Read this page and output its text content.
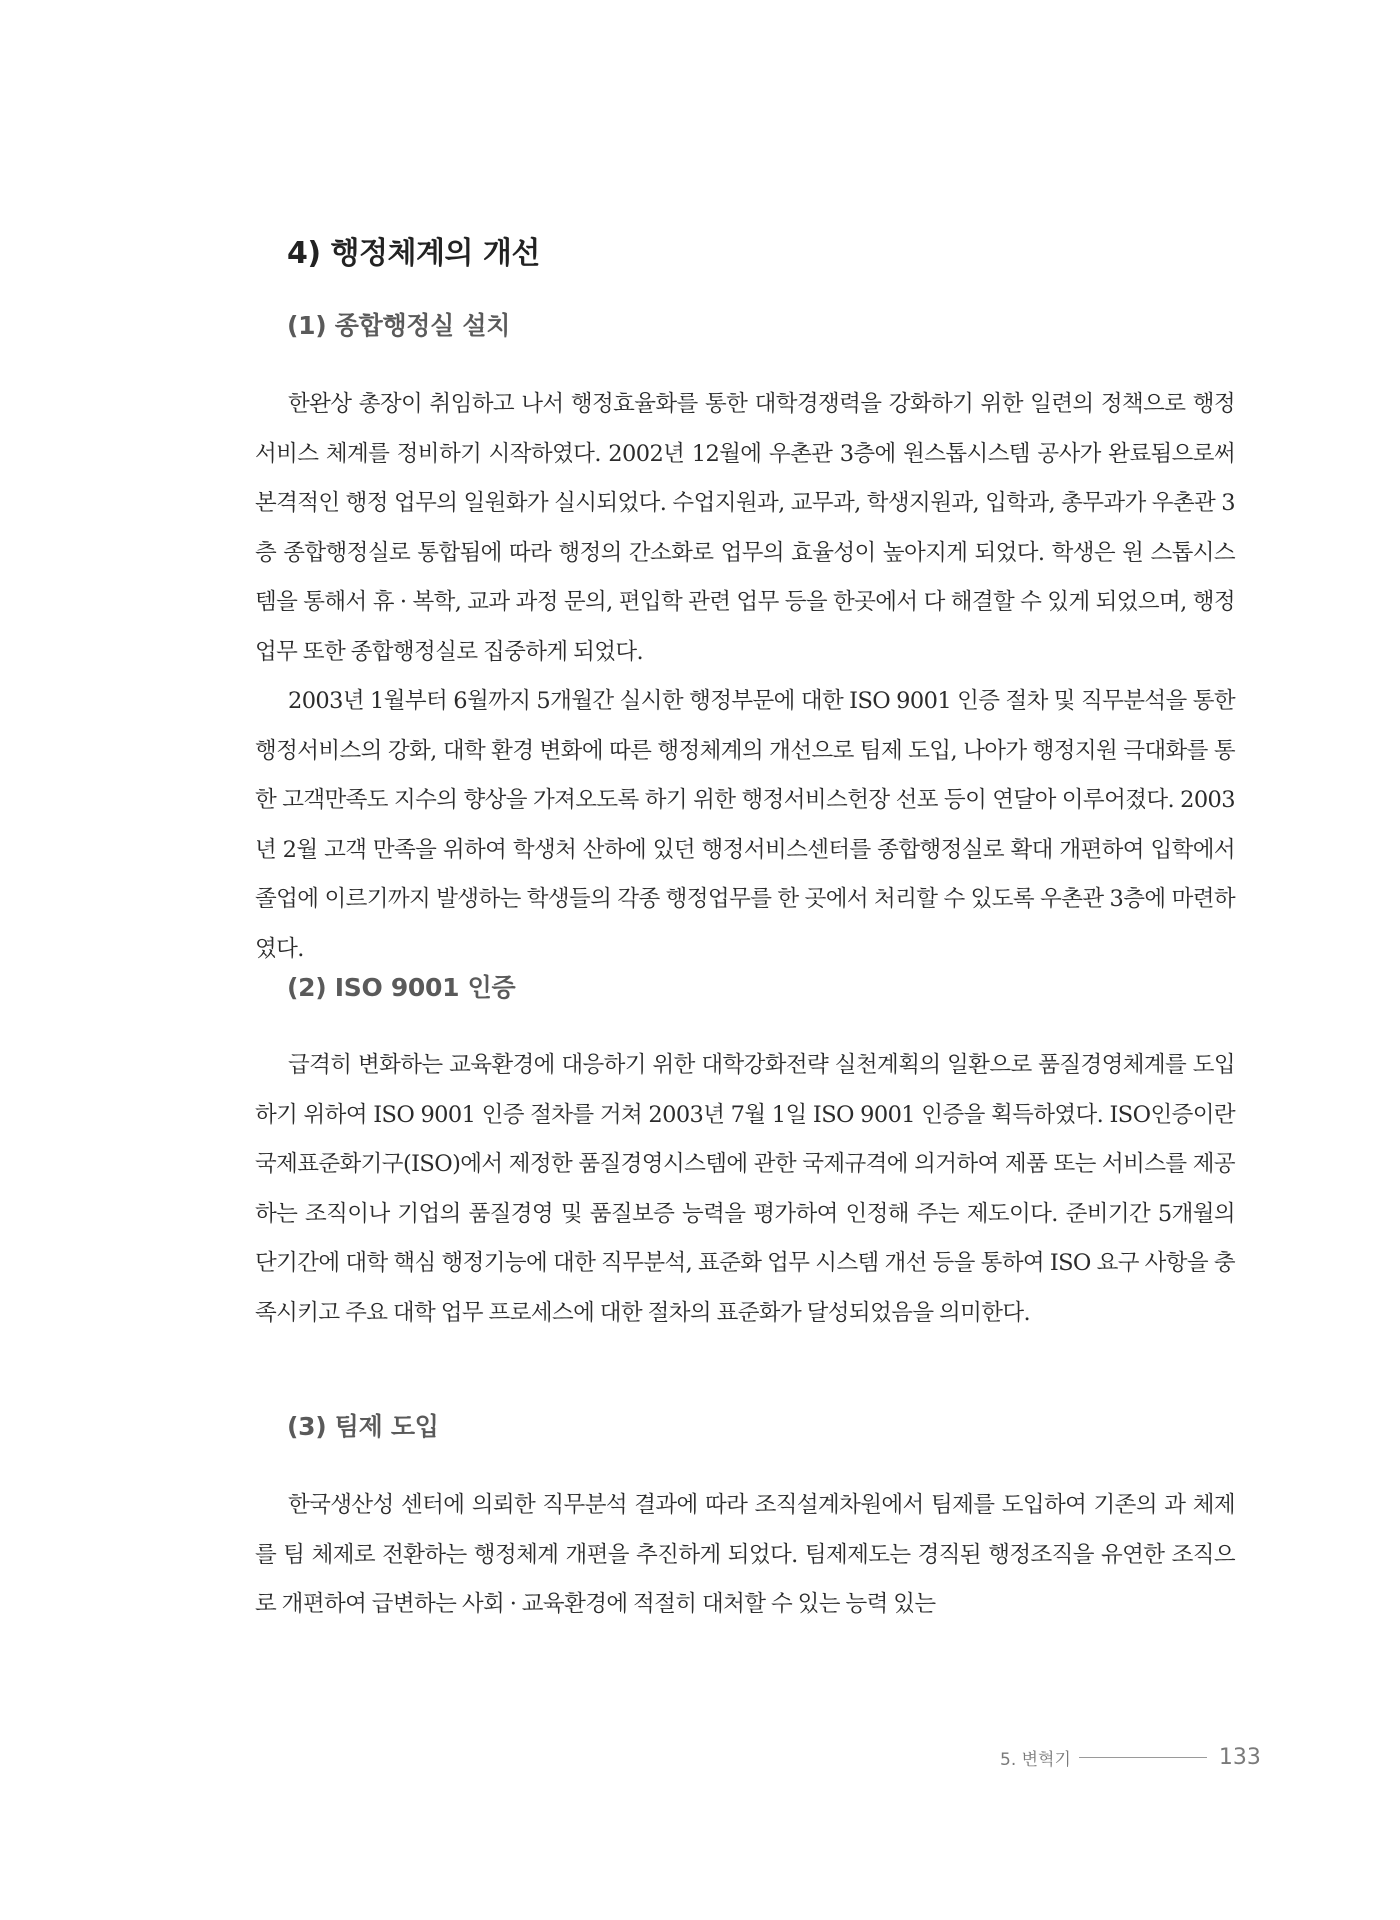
4) 행정체계의 개선
(1) 종합행정실 설치

한완상 총장이 취임하고 나서 행정효율화를 통한 대학경쟁력을 강화하기 위한 일련의 정책으로 행정서비스 체계를 정비하기 시작하였다. 2002년 12월에 우촌관 3층에 원스톱시스템 공사가 완료됨으로써 본격적인 행정 업무의 일원화가 실시되었다. 수업지원과, 교무과, 학생지원과, 입학과, 총무과가 우촌관 3층 종합행정실로 통합됨에 따라 행정의 간소화로 업무의 효율성이 높아지게 되었다. 학생은 원 스톱시스템을 통해서 휴 · 복학, 교과 과정 문의, 편입학 관련 업무 등을 한곳에서 다 해결할 수 있게 되었으며, 행정업무 또한 종합행정실로 집중하게 되었다.

2003년 1월부터 6월까지 5개월간 실시한 행정부문에 대한 ISO 9001 인증 절차 및 직무분석을 통한 행정서비스의 강화, 대학 환경 변화에 따른 행정체계의 개선으로 팀제 도입, 나아가 행정지원 극대화를 통한 고객만족도 지수의 향상을 가져오도록 하기 위한 행정서비스헌장 선포 등이 연달아 이루어졌다. 2003년 2월 고객 만족을 위하여 학생처 산하에 있던 행정서비스센터를 종합행정실로 확대 개편하여 입학에서 졸업에 이르기까지 발생하는 학생들의 각종 행정업무를 한 곳에서 처리할 수 있도록 우촌관 3층에 마련하였다.

(2) ISO 9001 인증

급격히 변화하는 교육환경에 대응하기 위한 대학강화전략 실천계획의 일환으로 품질경영체계를 도입하기 위하여 ISO 9001 인증 절차를 거쳐 2003년 7월 1일 ISO 9001 인증을 획득하였다. ISO인증이란 국제표준화기구(ISO)에서 제정한 품질경영시스템에 관한 국제규격에 의거하여 제품 또는 서비스를 제공하는 조직이나 기업의 품질경영 및 품질보증 능력을 평가하여 인정해 주는 제도이다. 준비기간 5개월의 단기간에 대학 핵심 행정기능에 대한 직무분석, 표준화 업무 시스템 개선 등을 통하여 ISO 요구 사항을 충족시키고 주요 대학 업무 프로세스에 대한 절차의 표준화가 달성되었음을 의미한다.

(3) 팀제 도입

한국생산성 센터에 의뢰한 직무분석 결과에 따라 조직설계차원에서 팀제를 도입하여 기존의 과 체제를 팀 체제로 전환하는 행정체계 개편을 추진하게 되었다. 팀제제도는 경직된 행정조직을 유연한 조직으로 개편하여 급변하는 사회 · 교육환경에 적절히 대처할 수 있는 능력 있는

5. 변혁기	133
